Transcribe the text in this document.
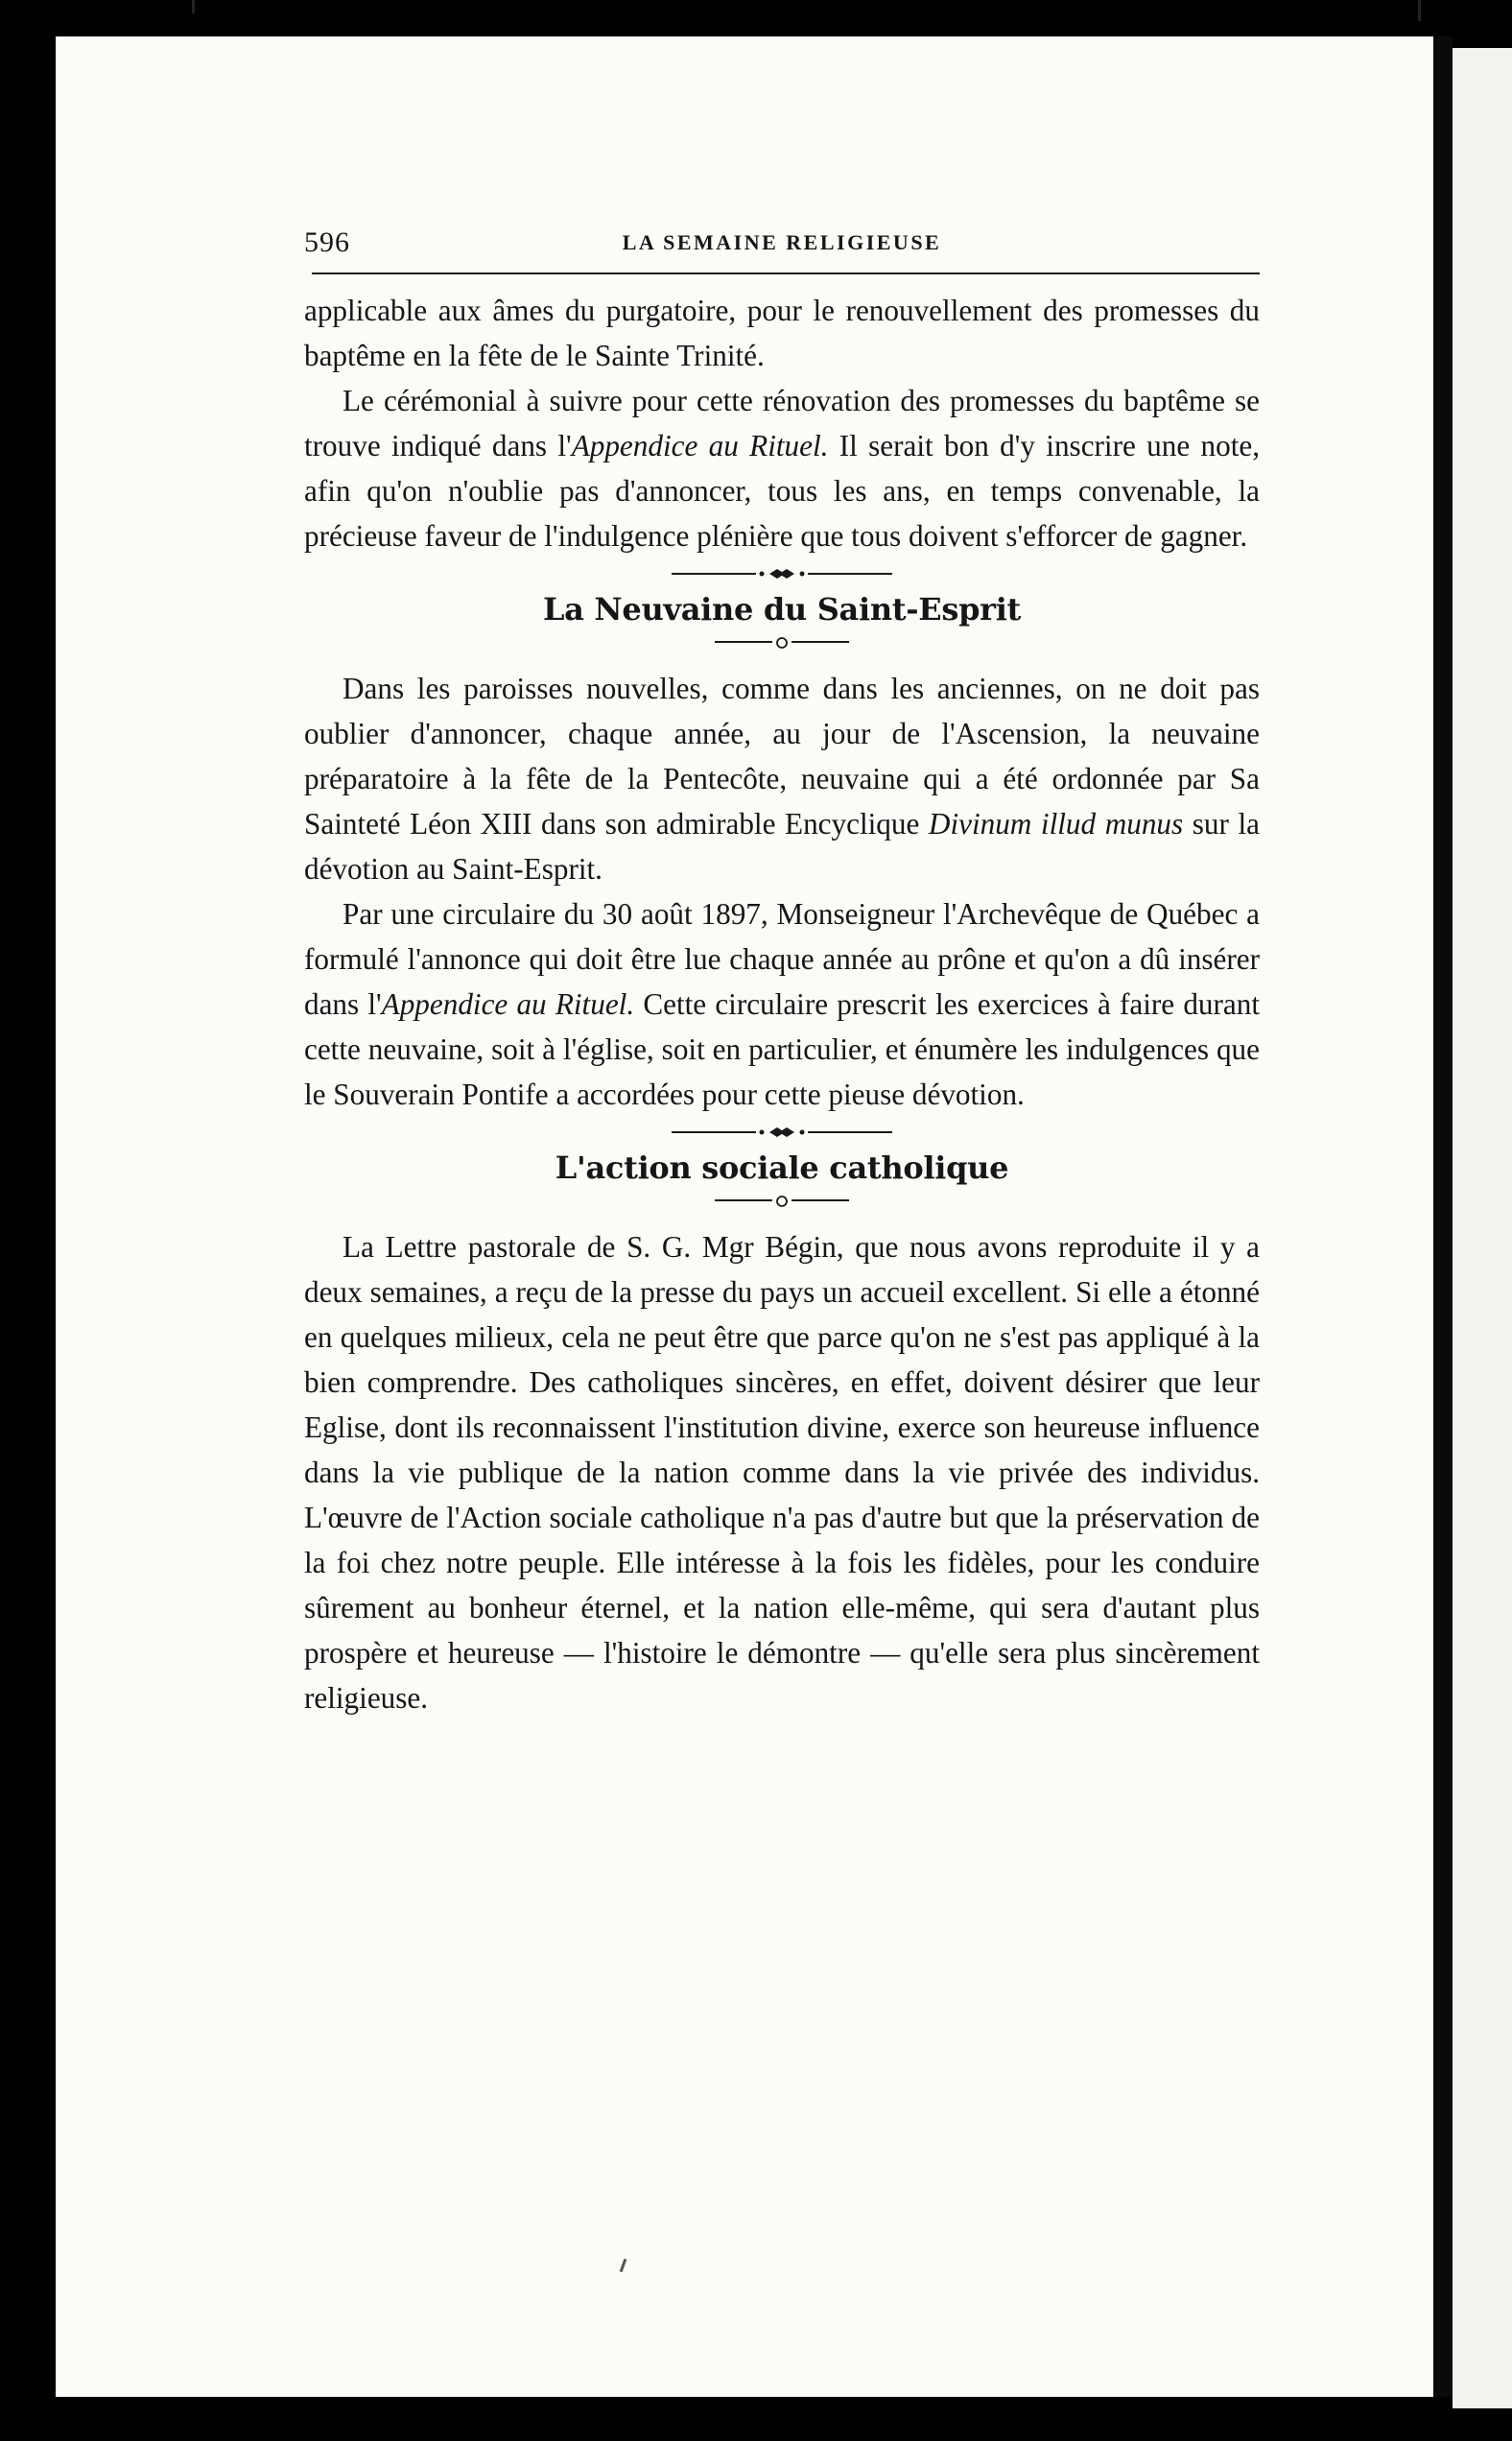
596	LA SEMAINE RELIGIEUSE

applicable aux âmes du purgatoire, pour le renouvellement des promesses du baptême en la fête de le Sainte Trinité.

Le cérémonial à suivre pour cette rénovation des promesses du baptême se trouve indiqué dans l'Appendice au Rituel. Il serait bon d'y inscrire une note, afin qu'on n'oublie pas d'annoncer, tous les ans, en temps convenable, la précieuse faveur de l'indulgence plénière que tous doivent s'efforcer de gagner.

La Neuvaine du Saint-Esprit

Dans les paroisses nouvelles, comme dans les anciennes, on ne doit pas oublier d'annoncer, chaque année, au jour de l'Ascension, la neuvaine préparatoire à la fête de la Pentecôte, neuvaine qui a été ordonnée par Sa Sainteté Léon XIII dans son admirable Encyclique Divinum illud munus sur la dévotion au Saint-Esprit.

Par une circulaire du 30 août 1897, Monseigneur l'Archevêque de Québec a formulé l'annonce qui doit être lue chaque année au prône et qu'on a dû insérer dans l'Appendice au Rituel. Cette circulaire prescrit les exercices à faire durant cette neuvaine, soit à l'église, soit en particulier, et énumère les indulgences que le Souverain Pontife a accordées pour cette pieuse dévotion.

L'action sociale catholique

La Lettre pastorale de S. G. Mgr Bégin, que nous avons reproduite il y a deux semaines, a reçu de la presse du pays un accueil excellent. Si elle a étonné en quelques milieux, cela ne peut être que parce qu'on ne s'est pas appliqué à la bien comprendre. Des catholiques sincères, en effet, doivent désirer que leur Eglise, dont ils reconnaissent l'institution divine, exerce son heureuse influence dans la vie publique de la nation comme dans la vie privée des individus. L'œuvre de l'Action sociale catholique n'a pas d'autre but que la préservation de la foi chez notre peuple. Elle intéresse à la fois les fidèles, pour les conduire sûrement au bonheur éternel, et la nation elle-même, qui sera d'autant plus prospère et heureuse — l'histoire le démontre — qu'elle sera plus sincèrement religieuse.
